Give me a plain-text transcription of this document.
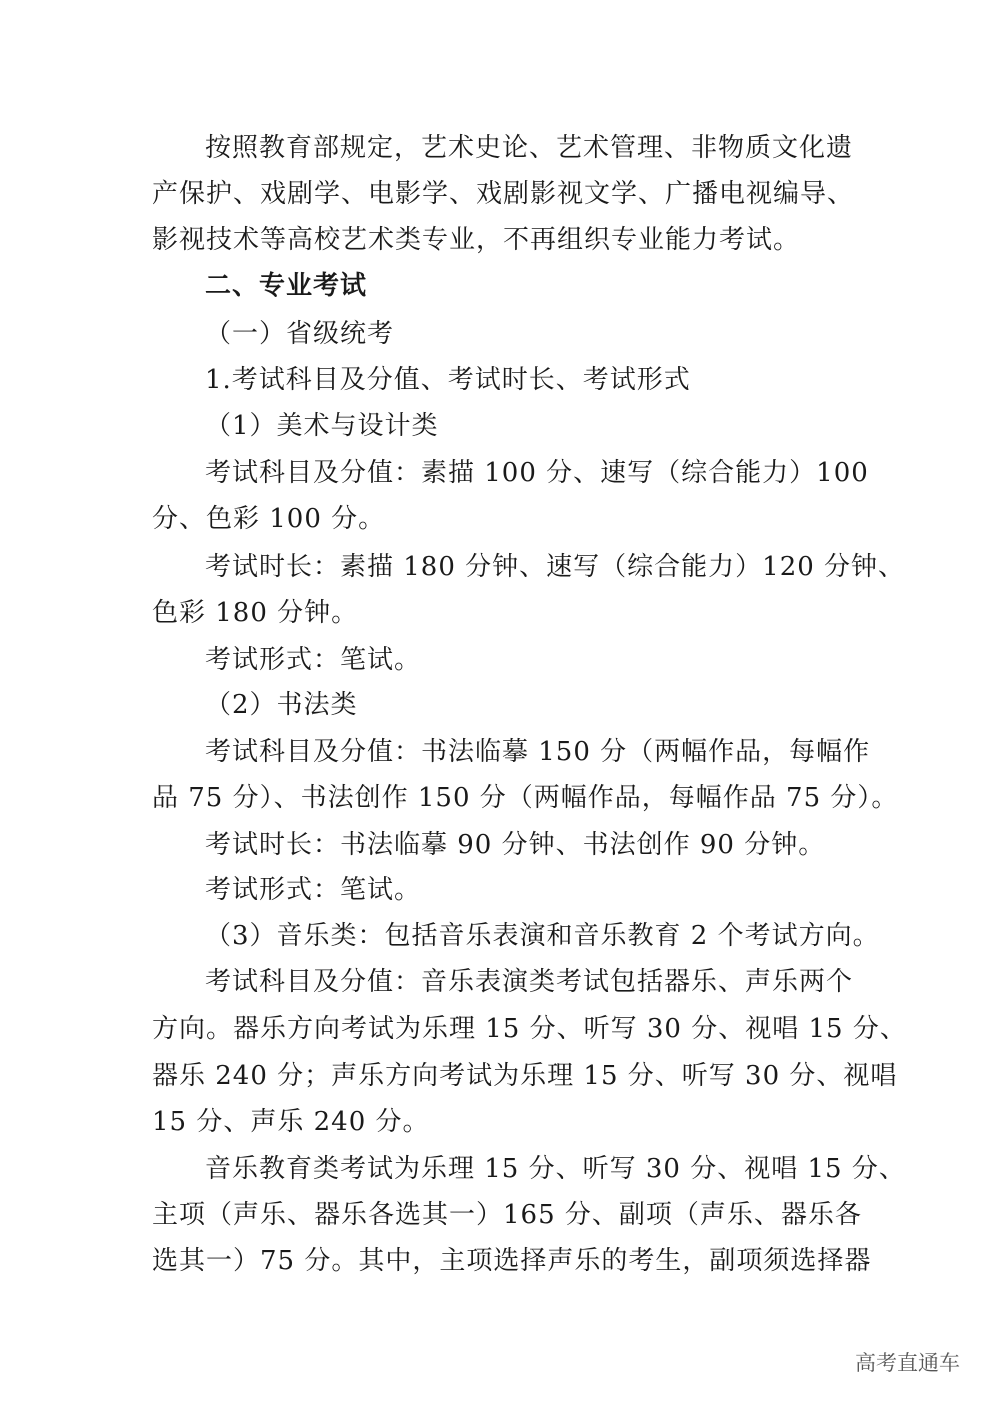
按照教育部规定，艺术史论、艺术管理、非物质文化遗
产保护、戏剧学、电影学、戏剧影视文学、广播电视编导、
影视技术等高校艺术类专业，不再组织专业能力考试。
二、专业考试
（一）省级统考
1.考试科目及分值、考试时长、考试形式
（1）美术与设计类
考试科目及分值：素描 100 分、速写（综合能力）100
分、色彩 100 分。
考试时长：素描 180 分钟、速写（综合能力）120 分钟、
色彩 180 分钟。
考试形式：笔试。
（2）书法类
考试科目及分值：书法临摹 150 分（两幅作品，每幅作
品 75 分）、书法创作 150 分（两幅作品，每幅作品 75 分）。
考试时长：书法临摹 90 分钟、书法创作 90 分钟。
考试形式：笔试。
（3）音乐类：包括音乐表演和音乐教育 2 个考试方向。
考试科目及分值：音乐表演类考试包括器乐、声乐两个
方向。器乐方向考试为乐理 15 分、听写 30 分、视唱 15 分、
器乐 240 分；声乐方向考试为乐理 15 分、听写 30 分、视唱
15 分、声乐 240 分。
音乐教育类考试为乐理 15 分、听写 30 分、视唱 15 分、
主项（声乐、器乐各选其一）165 分、副项（声乐、器乐各
选其一）75 分。其中，主项选择声乐的考生，副项须选择器
高考直通车
